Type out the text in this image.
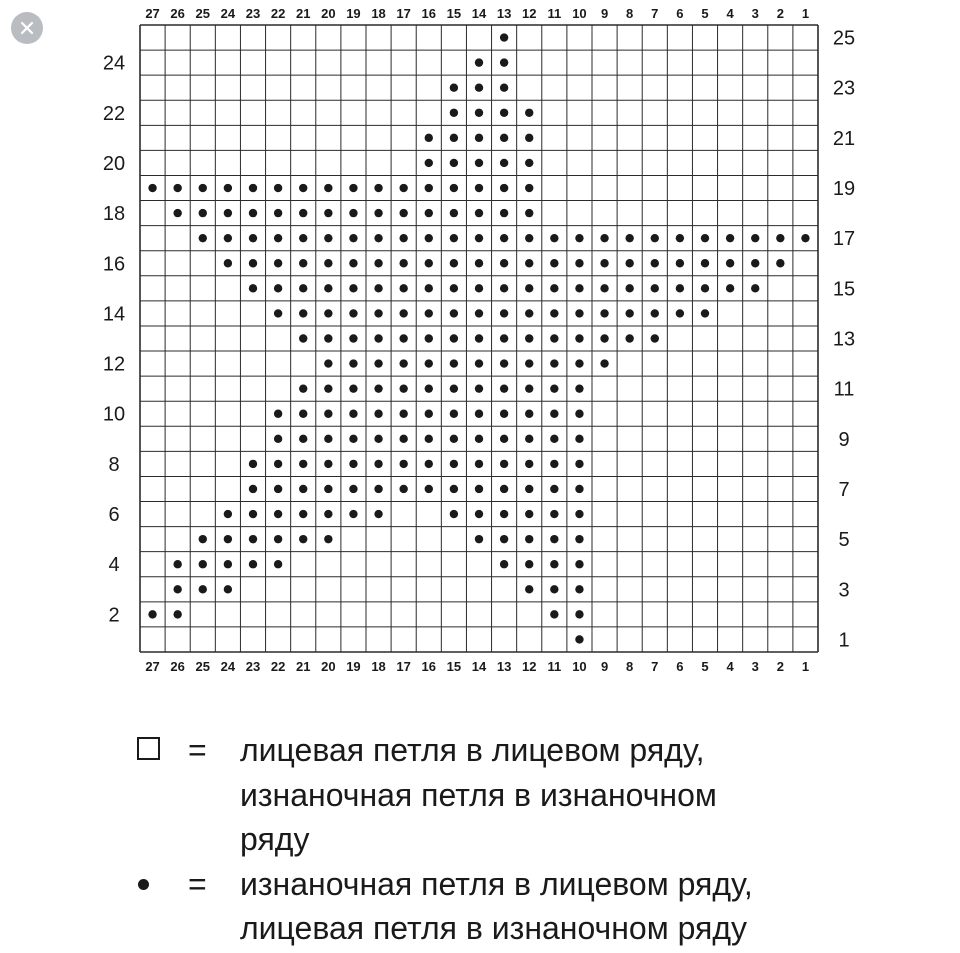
27
27
26
26
25
25
24
24
23
23
22
22
21
21
20
20
19
19
18
18
17
17
16
16
15
15
14
14
13
13
12
12
11
11
10
10
9
9
8
8
7
7
6
6
5
5
4
4
3
3
2
2
1
1
2
4
6
8
10
12
14
16
18
20
22
24
1
3
5
7
9
11
13
15
17
19
21
23
25
= лицевая петля в лицевом ряду,
изнаночная петля в изнаночном
ряду
= изнаночная петля в лицевом ряду,
лицевая петля в изнаночном ряду
